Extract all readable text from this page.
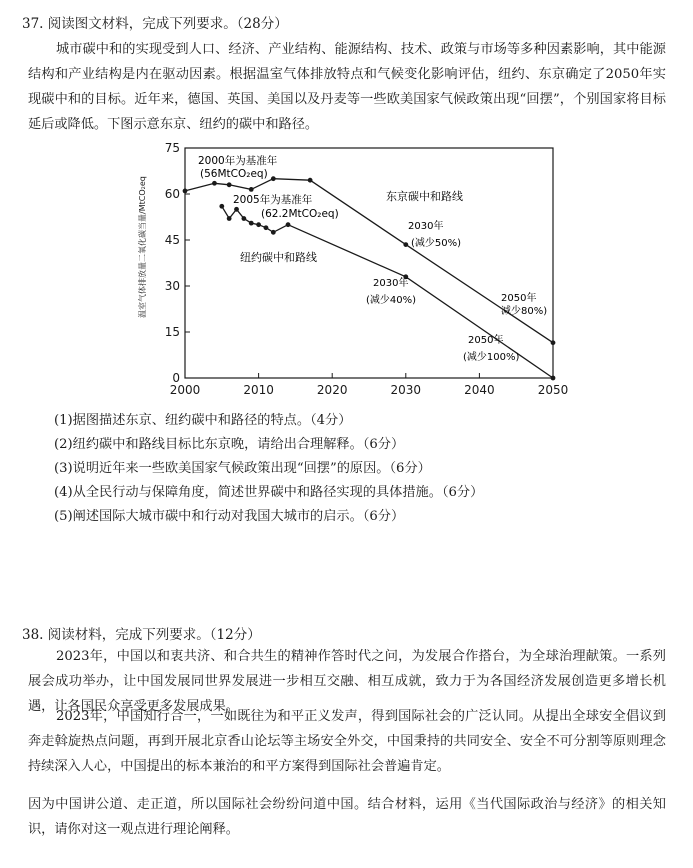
37. 阅读图文材料，完成下列要求。（28分）
城市碳中和的实现受到人口、经济、产业结构、能源结构、技术、政策与市场等多种因素影响，其中能源结构和产业结构是内在驱动因素。根据温室气体排放特点和气候变化影响评估，纽约、东京确定了2050年实现碳中和的目标。近年来，德国、英国、美国以及丹麦等一些欧美国家气候政策出现“回摆”，个别国家将目标延后或降低。下图示意东京、纽约的碳中和路径。
0
15
30
45
60
75
2000	2010	2020	2030	2040	2050
温室气体排放量二氧化碳当量/MtCO₂eq
2000年为基准年
(56MtCO₂eq)
2005年为基准年
(62.2MtCO₂eq)
东京碳中和路线
纽约碳中和路线
2030年
(减少50%)
2030年
(减少40%)	2050年
减少80%)
2050年
(减少100%)
(1)据图描述东京、纽约碳中和路径的特点。（4分）
(2)纽约碳中和路线目标比东京晚，请给出合理解释。（6分）
(3)说明近年来一些欧美国家气候政策出现“回摆”的原因。（6分）
(4)从全民行动与保障角度，简述世界碳中和路径实现的具体措施。（6分）
(5)阐述国际大城市碳中和行动对我国大城市的启示。（6分）
38. 阅读材料，完成下列要求。（12分）
2023年，中国以和衷共济、和合共生的精神作答时代之问，为发展合作搭台，为全球治理献策。一系列展会成功举办，让中国发展同世界发展进一步相互交融、相互成就，致力于为各国经济发展创造更多增长机遇，让各国民众享受更多发展成果。
2023年，中国知行合一，一如既往为和平正义发声，得到国际社会的广泛认同。从提出全球安全倡议到奔走斡旋热点问题，再到开展北京香山论坛等主场安全外交，中国秉持的共同安全、安全不可分割等原则理念持续深入人心，中国提出的标本兼治的和平方案得到国际社会普遍肯定。
因为中国讲公道、走正道，所以国际社会纷纷问道中国。结合材料，运用《当代国际政治与经济》的相关知识，请你对这一观点进行理论阐释。
